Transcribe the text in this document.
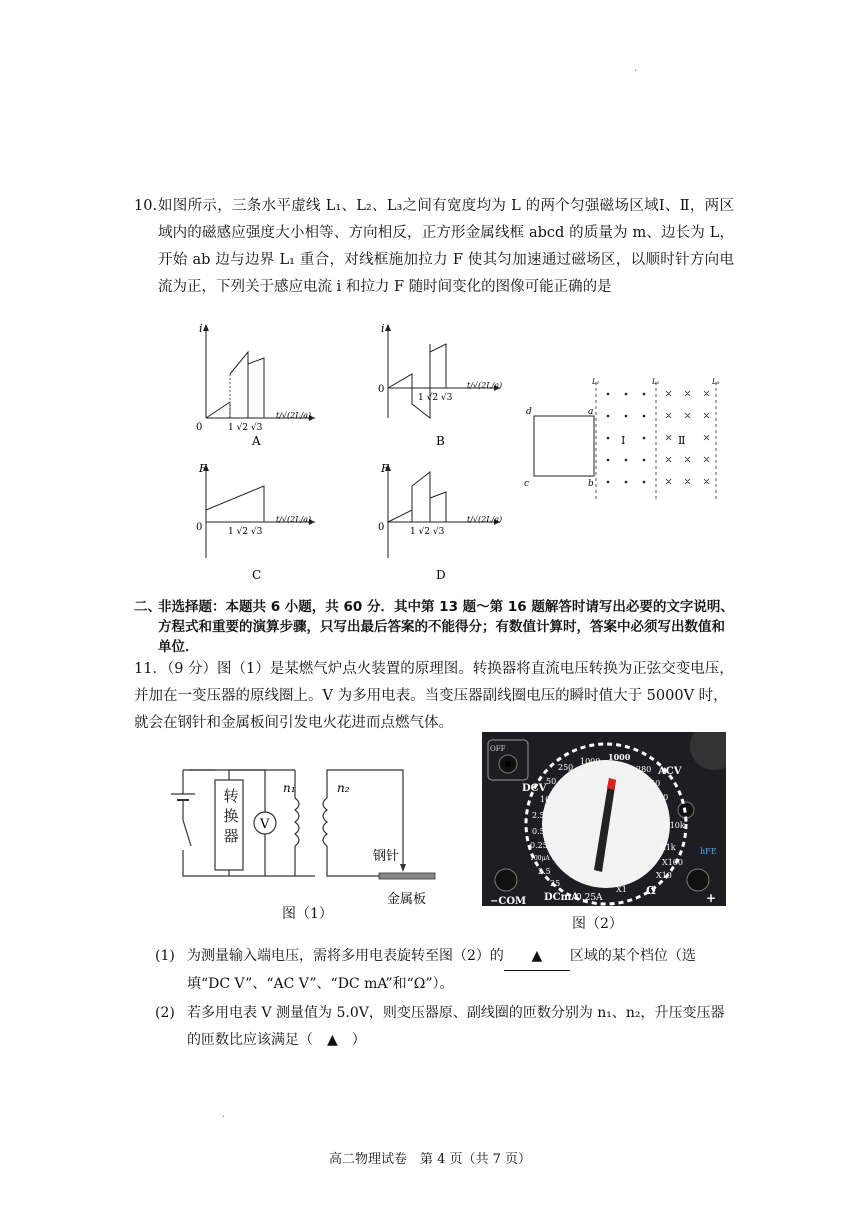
·
10. 如图所示，三条水平虚线 L₁、L₂、L₃之间有宽度均为 L 的两个匀强磁场区域Ⅰ、Ⅱ，两区域内的磁感应强度大小相等、方向相反，正方形金属线框 abcd 的质量为 m、边长为 L，开始 ab 边与边界 L₁ 重合，对线框施加拉力 F 使其匀加速通过磁场区，以顺时针方向电流为正，下列关于感应电流 i 和拉力 F 随时间变化的图像可能正确的是
i
0	1 √2 √3
t/√(2L/a)
A
i
0
1 √2 √3
t/√(2L/a)
B
F
0	1 √2 √3
t/√(2L/a)
C
F
0	1 √2 √3
t/√(2L/a)
D
L₁	L₂	L₃
d	a
c	b
Ⅰ	Ⅱ
二、
非选择题：本题共 6 小题，共 60 分．其中第 13 题～第 16 题解答时请写出必要的文字说明、方程式和重要的演算步骤，只写出最后答案的不能得分；有数值计算时，答案中必须写出数值和单位．
11．（9 分）图（1）是某燃气炉点火装置的原理图。转换器将直流电压转换为正弦交变电压，并加在一变压器的原线圈上。V 为多用电表。当变压器副线圈电压的瞬时值大于 5000V 时，就会在钢针和金属板间引发电火花进而点燃气体。
V
n₁	n₂
钢针
金属板
转换器
图（1）
OFF
DCV
ACV
DCmA
0.25A
Ω
−COM
hFE
+
250
50
10
2.5
0.5
0.25
100μA
2.5
25
1000
1000
250	280
50
10
X10k
X1k
X100
X10
X1
图（2）
(1) 为测量输入端电压，需将多用电表旋转至图（2）的 ▲ 区域的某个档位（选填“DC V”、“AC V”、“DC mA”和“Ω”）。
(2) 若多用电表 V 测量值为 5.0V，则变压器原、副线圈的匝数分别为 n₁、n₂，升压变压器的匝数比应该满足（　▲　）
·
高二物理试卷　第 4 页（共 7 页）
